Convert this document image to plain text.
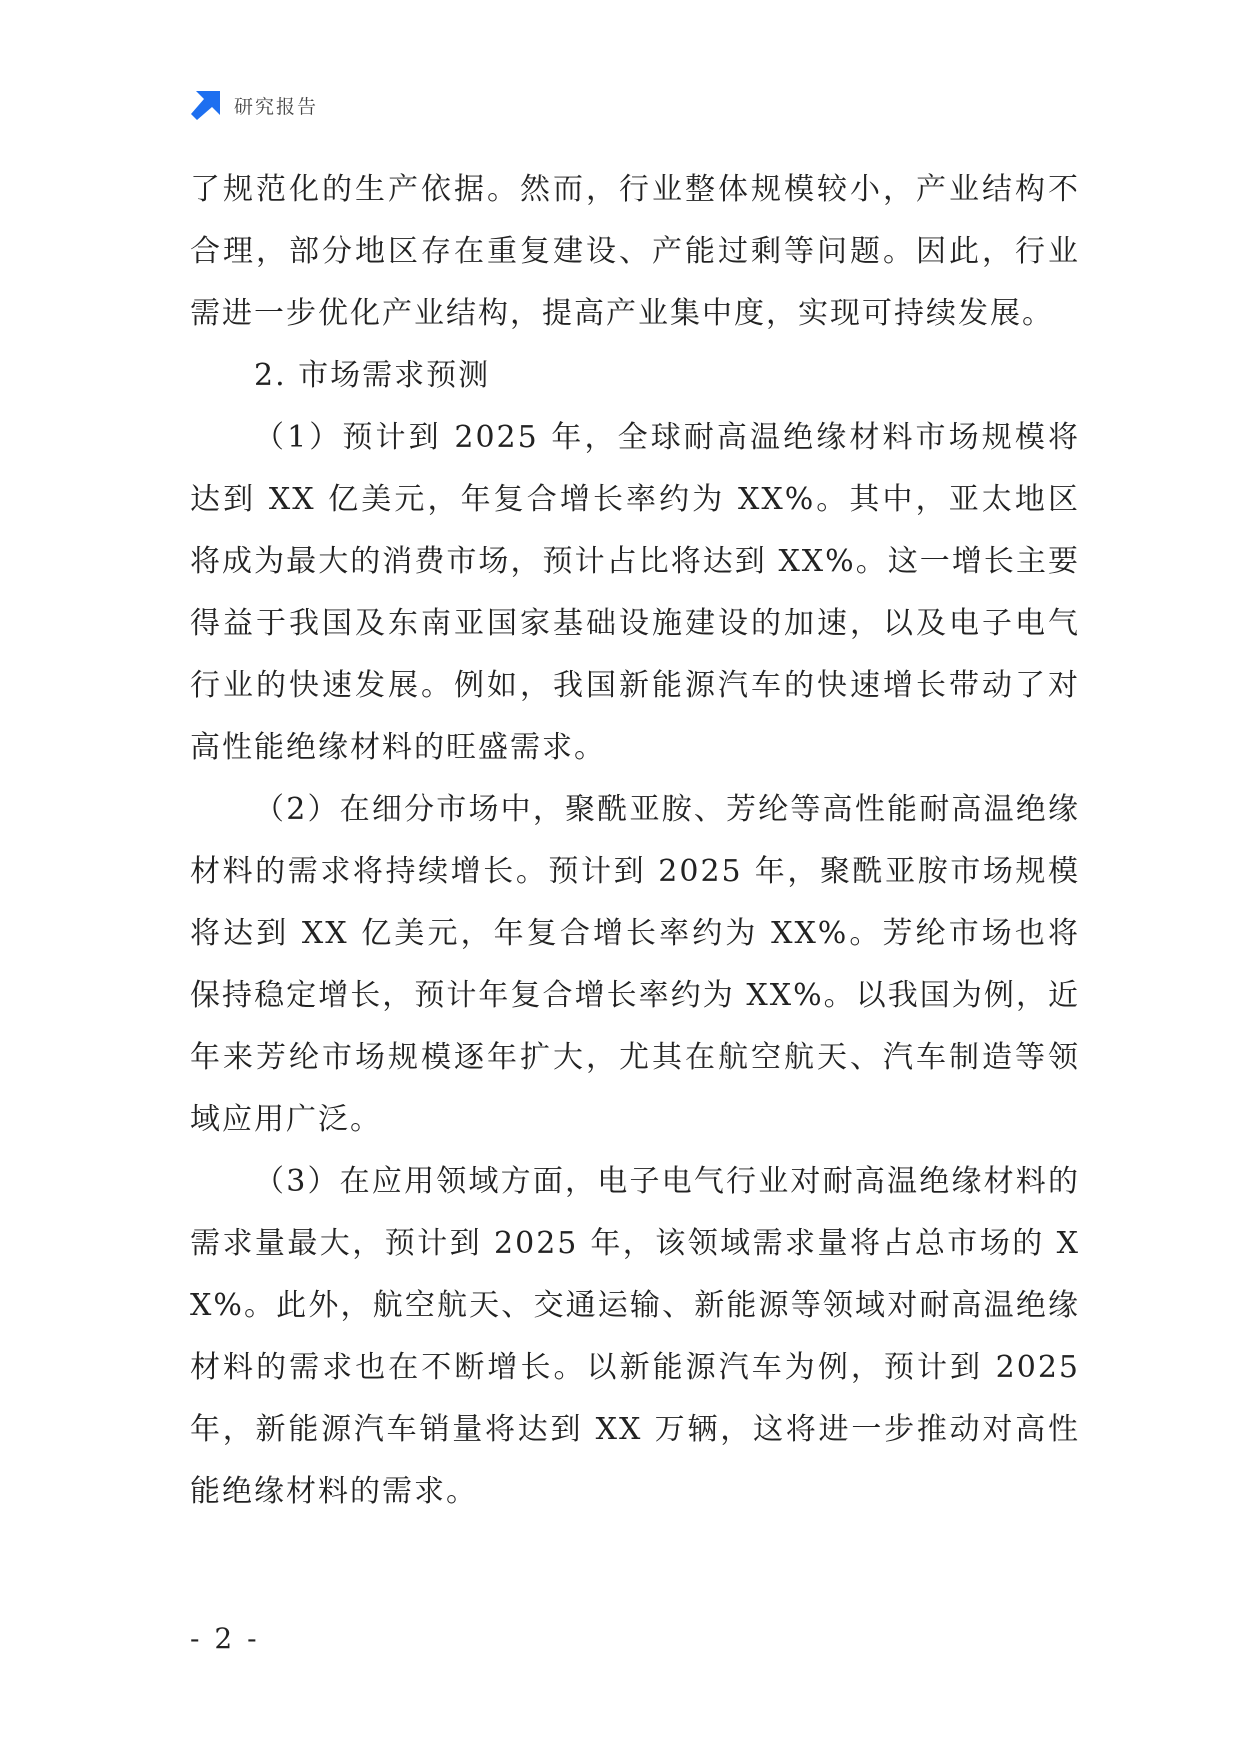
研究报告

了规范化的生产依据。然而，行业整体规模较小，产业结构不合理，部分地区存在重复建设、产能过剩等问题。因此，行业需进一步优化产业结构，提高产业集中度，实现可持续发展。

2. 市场需求预测

（1）预计到 2025 年，全球耐高温绝缘材料市场规模将达到 XX 亿美元，年复合增长率约为 XX%。其中，亚太地区将成为最大的消费市场，预计占比将达到 XX%。这一增长主要得益于我国及东南亚国家基础设施建设的加速，以及电子电气行业的快速发展。例如，我国新能源汽车的快速增长带动了对高性能绝缘材料的旺盛需求。

（2）在细分市场中，聚酰亚胺、芳纶等高性能耐高温绝缘材料的需求将持续增长。预计到 2025 年，聚酰亚胺市场规模将达到 XX 亿美元，年复合增长率约为 XX%。芳纶市场也将保持稳定增长，预计年复合增长率约为 XX%。以我国为例，近年来芳纶市场规模逐年扩大，尤其在航空航天、汽车制造等领域应用广泛。

（3）在应用领域方面，电子电气行业对耐高温绝缘材料的需求量最大，预计到 2025 年，该领域需求量将占总市场的 XX%。此外，航空航天、交通运输、新能源等领域对耐高温绝缘材料的需求也在不断增长。以新能源汽车为例，预计到 2025 年，新能源汽车销量将达到 XX 万辆，这将进一步推动对高性能绝缘材料的需求。

- 2 -
